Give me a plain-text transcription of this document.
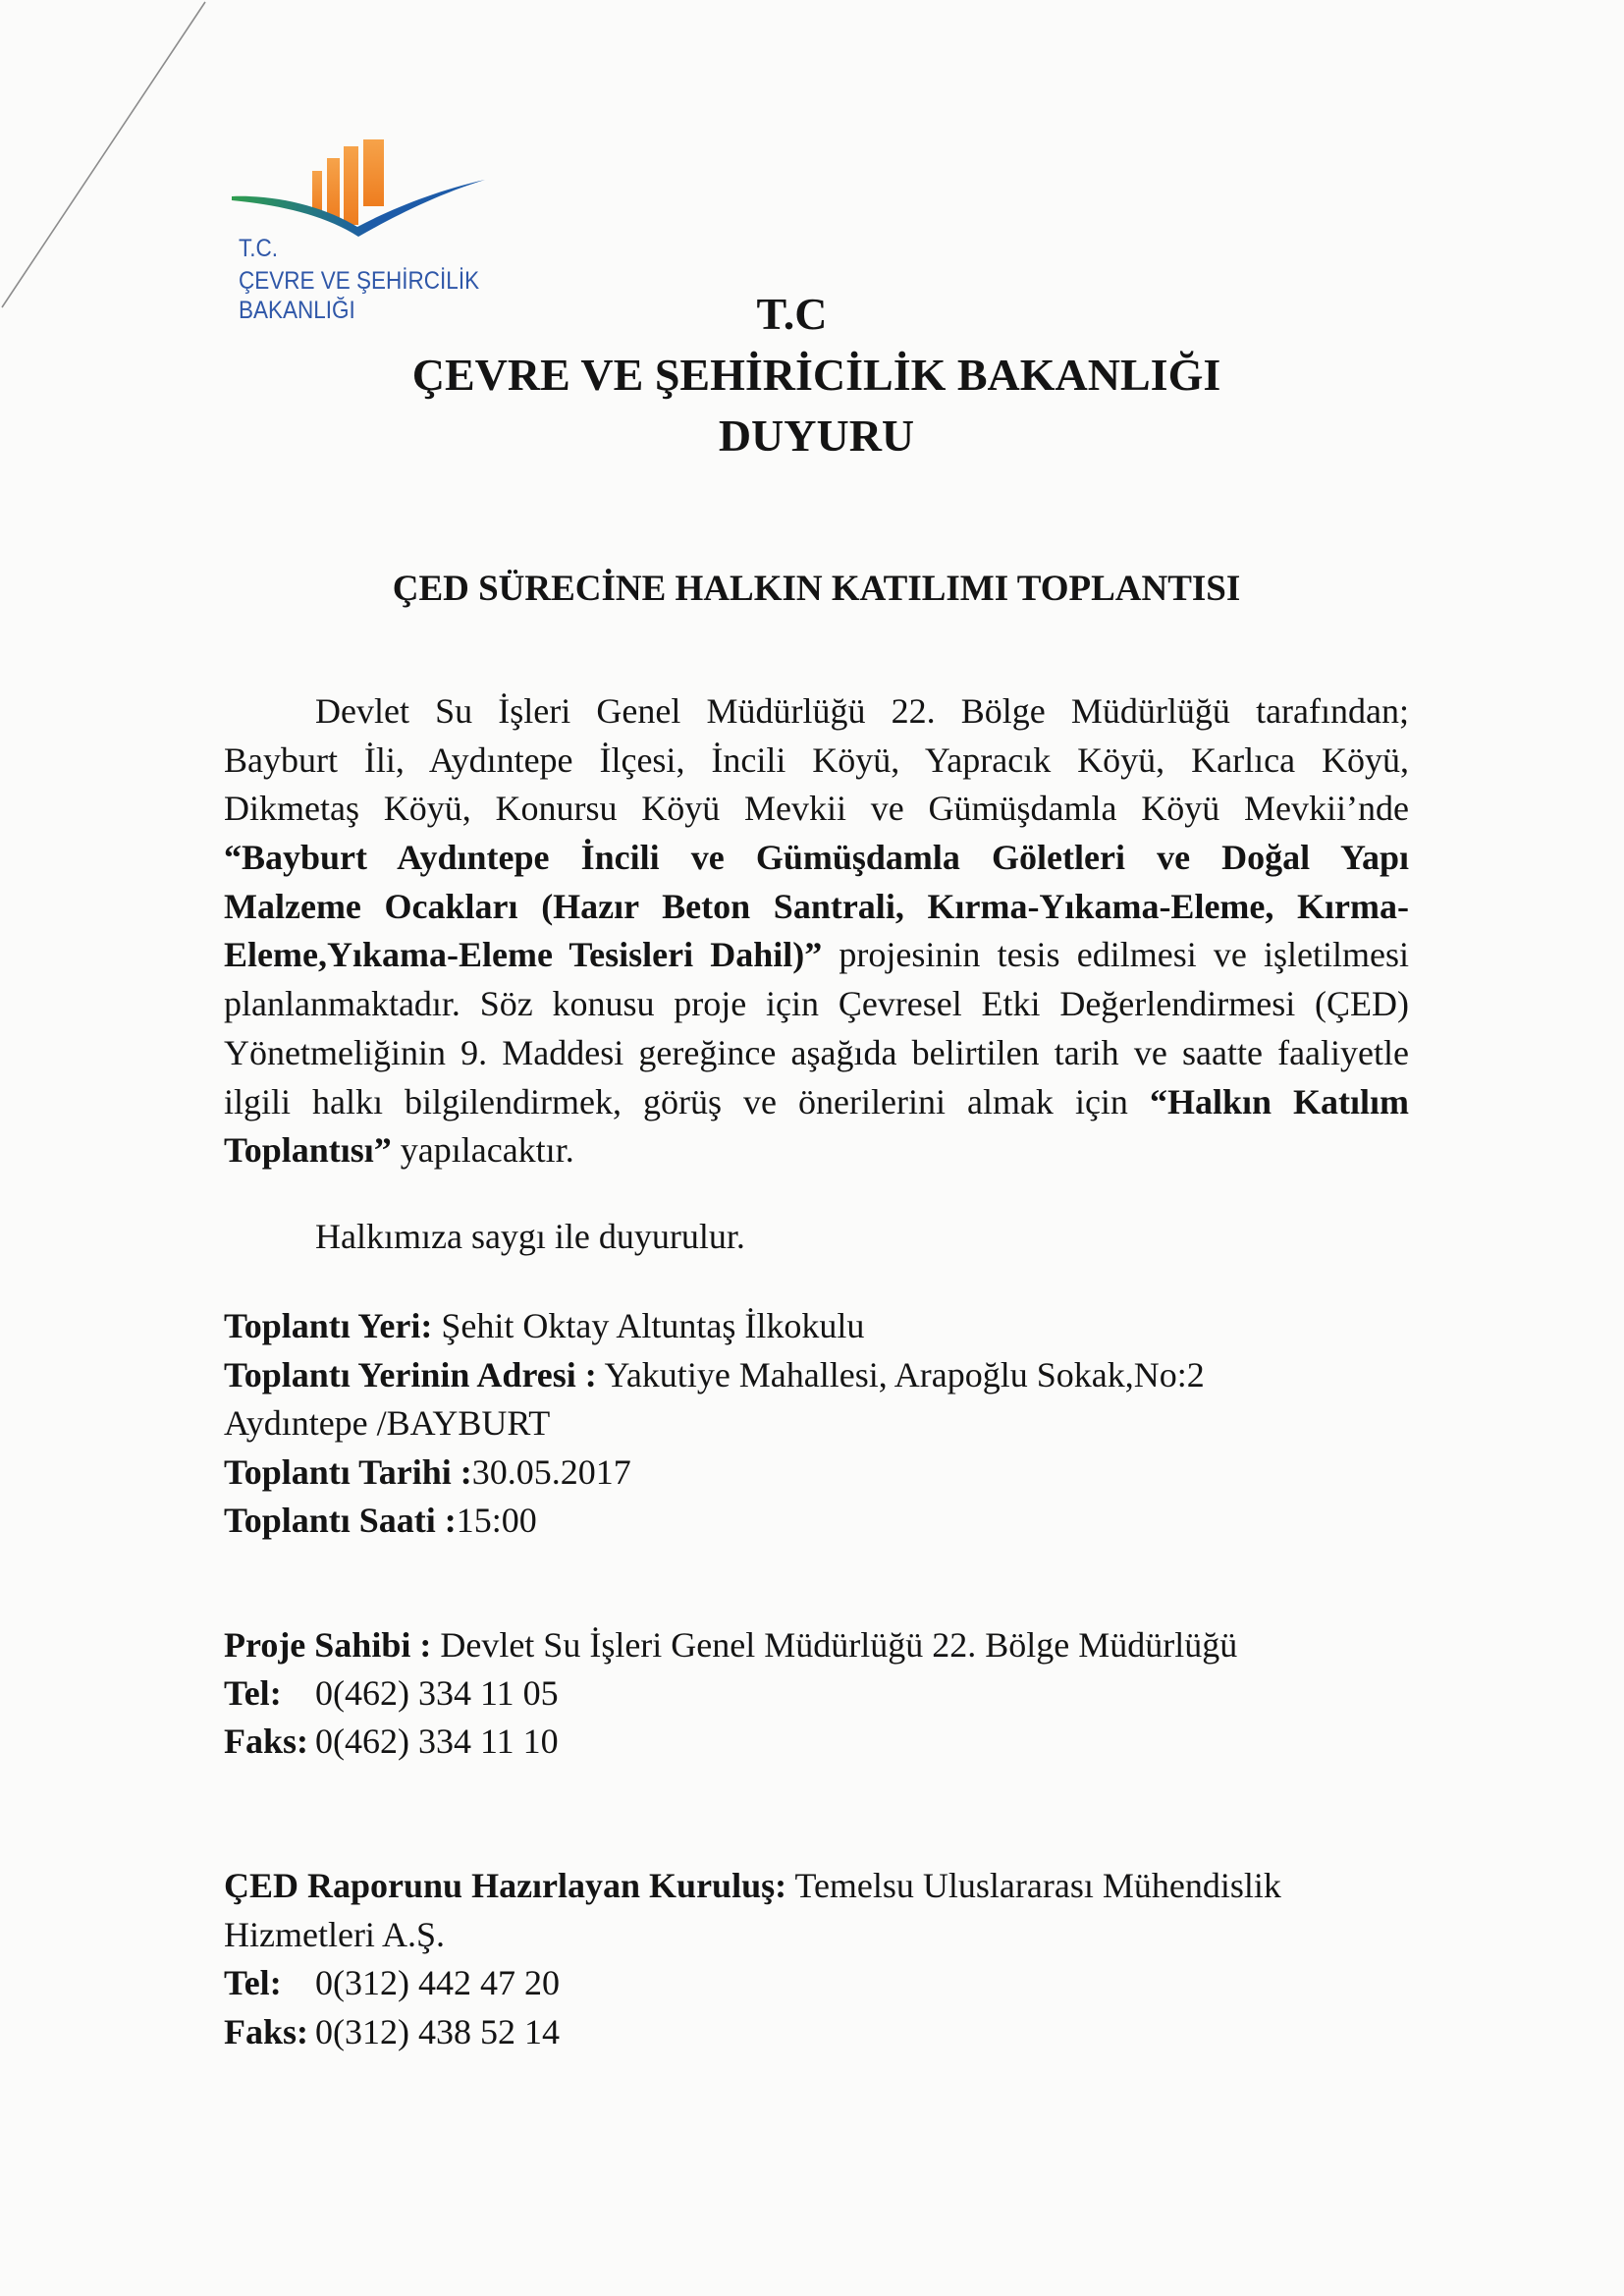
T.C.
ÇEVRE VE ŞEHİRCİLİK
BAKANLIĞI	T.C
ÇEVRE VE ŞEHİRİCİLİK BAKANLIĞI
DUYURU
ÇED SÜRECİNE HALKIN KATILIMI TOPLANTISI
Devlet Su İşleri Genel Müdürlüğü 22. Bölge Müdürlüğü tarafından;
Bayburt İli, Aydıntepe İlçesi, İncili Köyü, Yapracık Köyü, Karlıca Köyü,
Dikmetaş Köyü, Konursu Köyü Mevkii ve Gümüşdamla Köyü Mevkii’nde
“Bayburt Aydıntepe İncili ve Gümüşdamla Göletleri ve Doğal Yapı
Malzeme Ocakları (Hazır Beton Santrali, Kırma-Yıkama-Eleme, Kırma-
Eleme,Yıkama-Eleme Tesisleri Dahil)” projesinin tesis edilmesi ve işletilmesi
planlanmaktadır. Söz konusu proje için Çevresel Etki Değerlendirmesi (ÇED)
Yönetmeliğinin 9. Maddesi gereğince aşağıda belirtilen tarih ve saatte faaliyetle
ilgili halkı bilgilendirmek, görüş ve önerilerini almak için “Halkın Katılım
Toplantısı” yapılacaktır.
Halkımıza saygı ile duyurulur.
Toplantı Yeri: Şehit Oktay Altuntaş İlkokulu
Toplantı Yerinin Adresi : Yakutiye Mahallesi, Arapoğlu Sokak,No:2
Aydıntepe /BAYBURT
Toplantı Tarihi :30.05.2017
Toplantı Saati :15:00
Proje Sahibi : Devlet Su İşleri Genel Müdürlüğü 22. Bölge Müdürlüğü
Tel: 0(462) 334 11 05
Faks: 0(462) 334 11 10
ÇED Raporunu Hazırlayan Kuruluş: Temelsu Uluslararası Mühendislik
Hizmetleri A.Ş.
Tel: 0(312) 442 47 20
Faks: 0(312) 438 52 14
